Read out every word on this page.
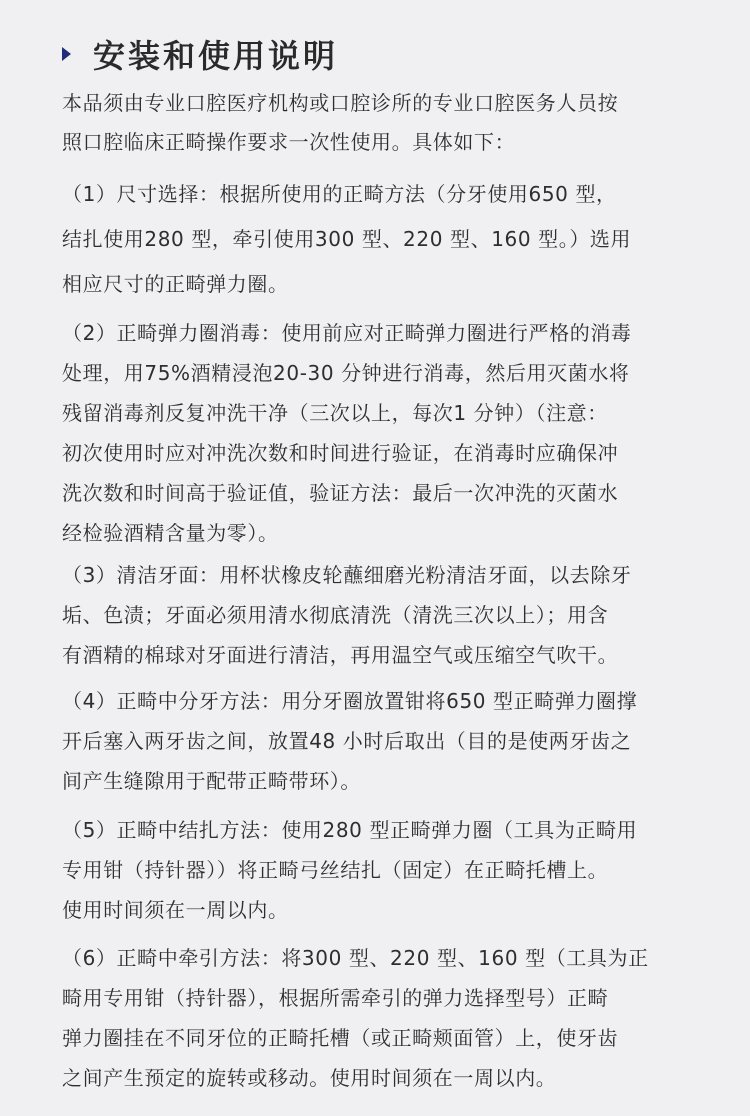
安装和使用说明

本品须由专业口腔医疗机构或口腔诊所的专业口腔医务人员按
照口腔临床正畸操作要求一次性使用。具体如下：

（1）尺寸选择：根据所使用的正畸方法（分牙使用650 型，
结扎使用280 型，牵引使用300 型、220 型、160 型。）选用
相应尺寸的正畸弹力圈。

（2）正畸弹力圈消毒：使用前应对正畸弹力圈进行严格的消毒
处理，用75%酒精浸泡20-30 分钟进行消毒，然后用灭菌水将
残留消毒剂反复冲洗干净（三次以上，每次1 分钟）（注意：
初次使用时应对冲洗次数和时间进行验证，在消毒时应确保冲
洗次数和时间高于验证值，验证方法：最后一次冲洗的灭菌水
经检验酒精含量为零）。

（3）清洁牙面：用杯状橡皮轮蘸细磨光粉清洁牙面，以去除牙
垢、色渍；牙面必须用清水彻底清洗（清洗三次以上）；用含
有酒精的棉球对牙面进行清洁，再用温空气或压缩空气吹干。

（4）正畸中分牙方法：用分牙圈放置钳将650 型正畸弹力圈撑
开后塞入两牙齿之间，放置48 小时后取出（目的是使两牙齿之
间产生缝隙用于配带正畸带环）。

（5）正畸中结扎方法：使用280 型正畸弹力圈（工具为正畸用
专用钳（持针器））将正畸弓丝结扎（固定）在正畸托槽上。
使用时间须在一周以内。

（6）正畸中牵引方法：将300 型、220 型、160 型（工具为正
畸用专用钳（持针器），根据所需牵引的弹力选择型号）正畸
弹力圈挂在不同牙位的正畸托槽（或正畸颊面管）上，使牙齿
之间产生预定的旋转或移动。使用时间须在一周以内。
